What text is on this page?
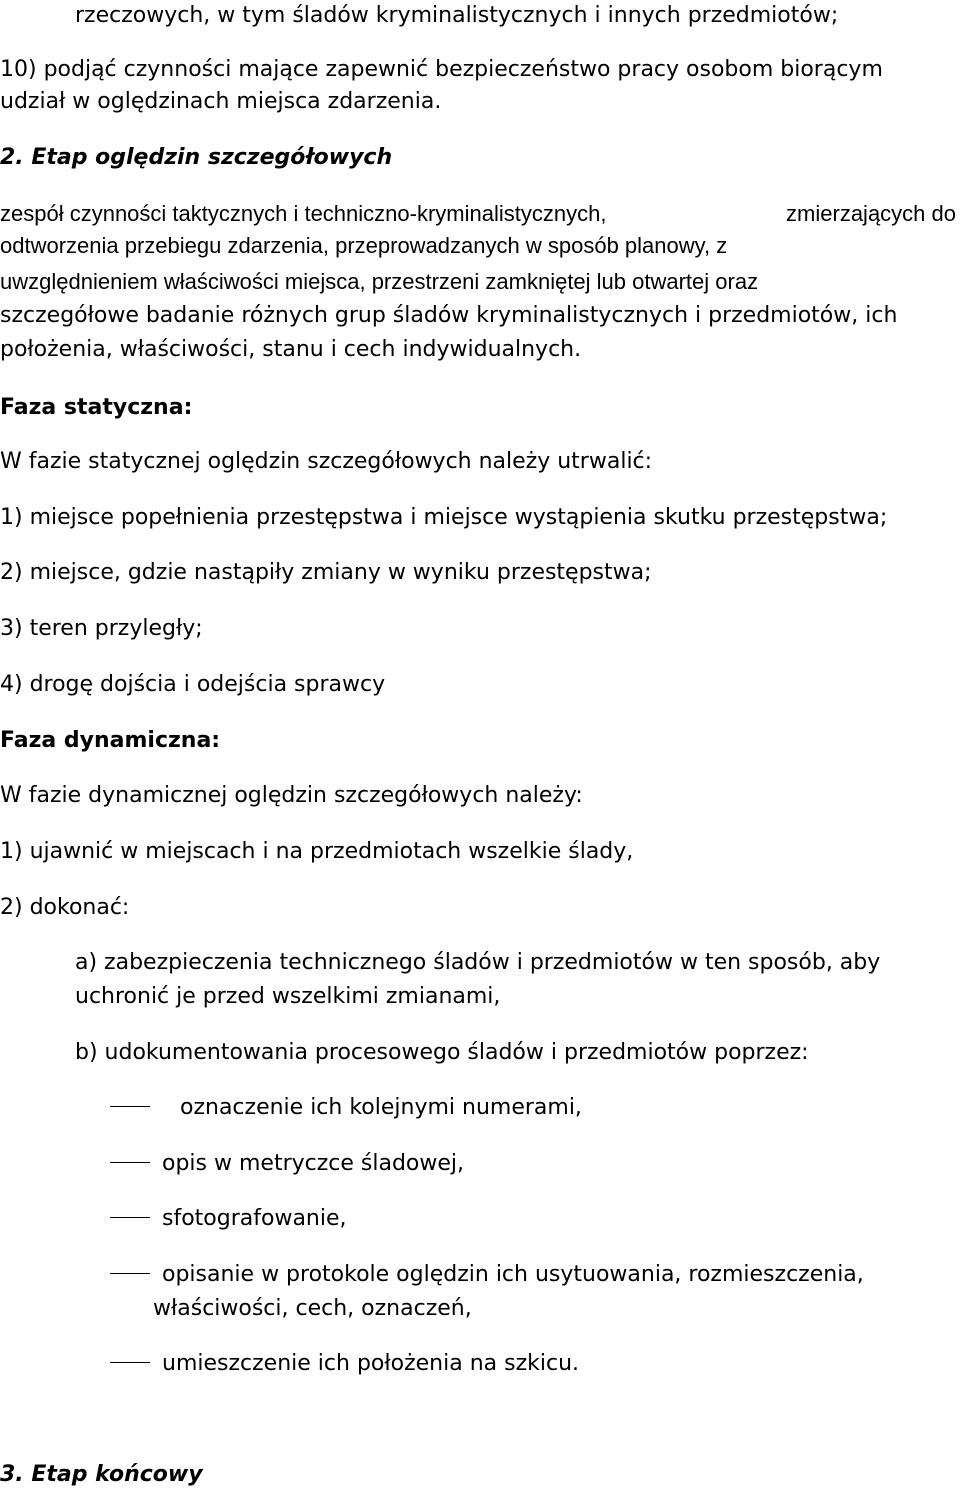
rzeczowych, w tym śladów kryminalistycznych i innych przedmiotów;
10) podjąć czynności mające zapewnić bezpieczeństwo pracy osobom biorącym
udział w oględzinach miejsca zdarzenia.
2. Etap oględzin szczegółowych
zespół czynności taktycznych i techniczno-kryminalistycznych,	zmierzających do
odtworzenia przebiegu zdarzenia, przeprowadzanych w sposób planowy, z
uwzględnieniem właściwości miejsca, przestrzeni zamkniętej lub otwartej oraz
szczegółowe badanie różnych grup śladów kryminalistycznych i przedmiotów, ich
położenia, właściwości, stanu i cech indywidualnych.
Faza statyczna:
W fazie statycznej oględzin szczegółowych należy utrwalić:
1) miejsce popełnienia przestępstwa i miejsce wystąpienia skutku przestępstwa;
2) miejsce, gdzie nastąpiły zmiany w wyniku przestępstwa;
3) teren przyległy;
4) drogę dojścia i odejścia sprawcy
Faza dynamiczna:
W fazie dynamicznej oględzin szczegółowych należy:
1) ujawnić w miejscach i na przedmiotach wszelkie ślady,
2) dokonać:
a) zabezpieczenia technicznego śladów i przedmiotów w ten sposób, aby
uchronić je przed wszelkimi zmianami,
b) udokumentowania procesowego śladów i przedmiotów poprzez:
oznaczenie ich kolejnymi numerami,
opis w metryczce śladowej,
sfotografowanie,
opisanie w protokole oględzin ich usytuowania, rozmieszczenia,
właściwości, cech, oznaczeń,
umieszczenie ich położenia na szkicu.
3. Etap końcowy
